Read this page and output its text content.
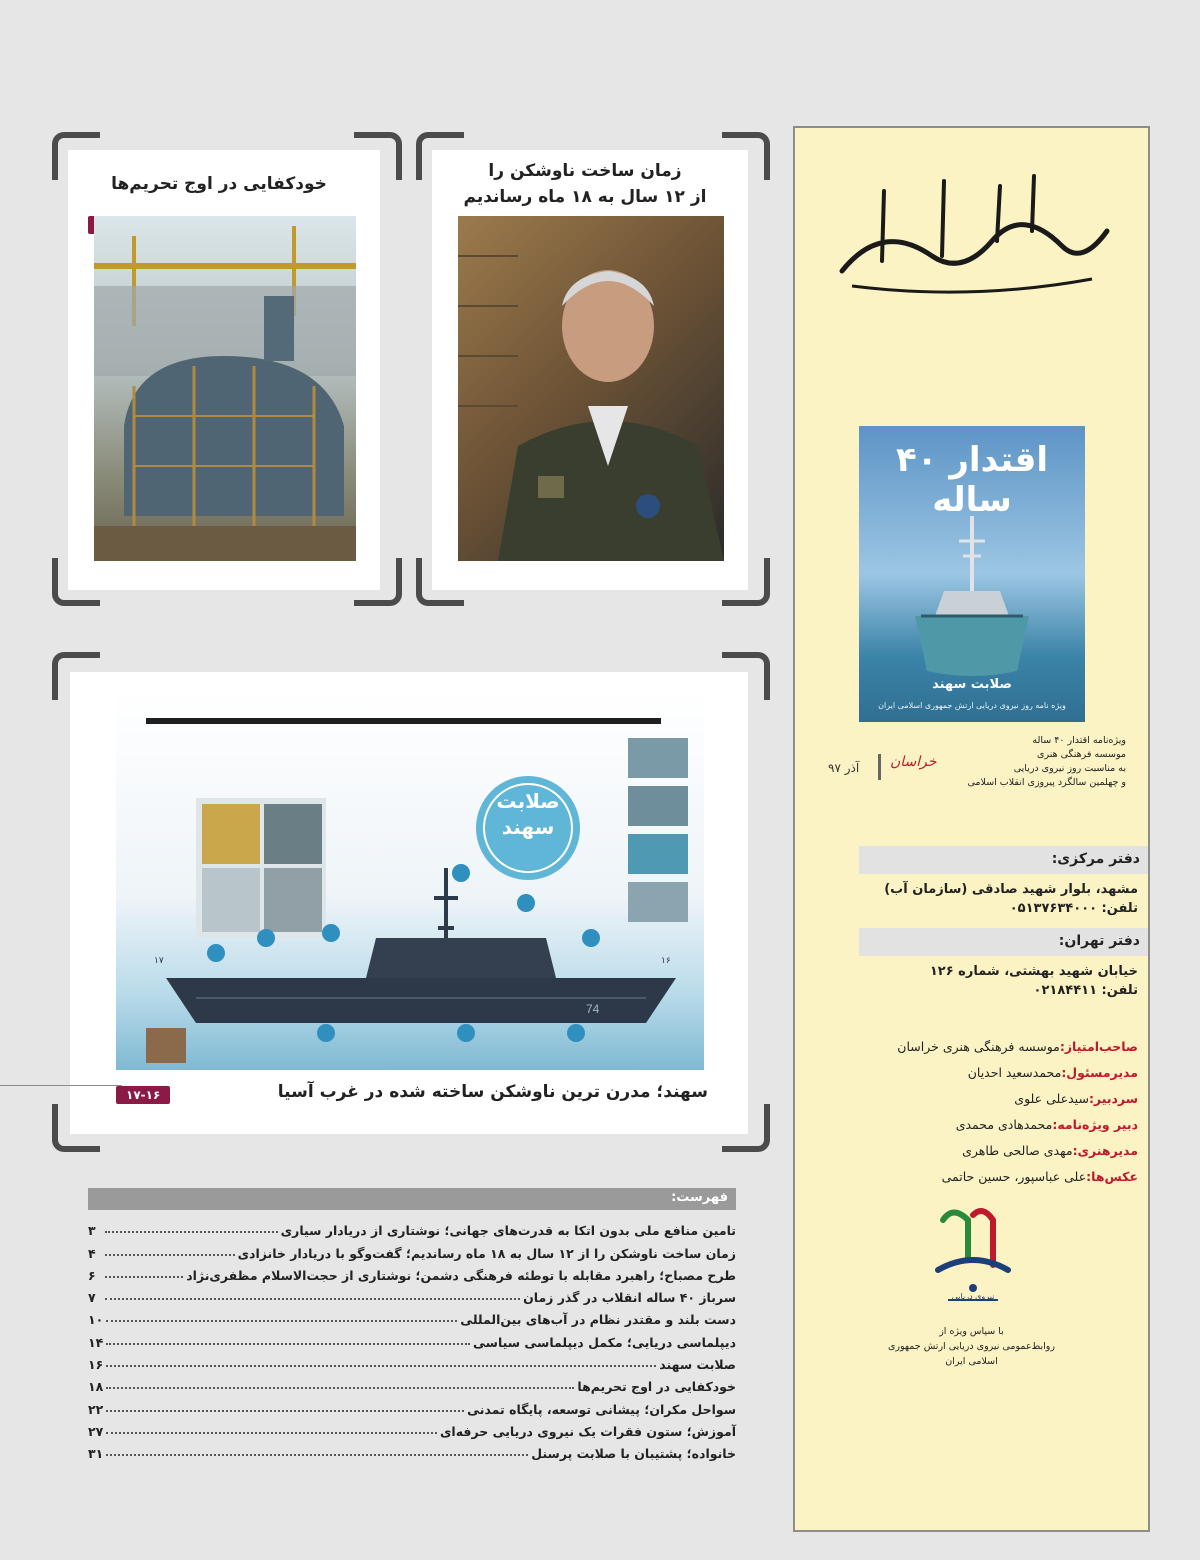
بسم الله الرحمن الرحیم
اقتدار ۴۰ ساله
صلابت سهند
ویژه نامه روز نیروی دریایی ارتش جمهوری اسلامی ایران
ویژه‌نامه اقتدار ۴۰ ساله
موسسه فرهنگی هنری
به مناسبت روز نیروی دریایی
و چهلمین سالگرد پیروزی انقلاب اسلامی
خراسان
آذر ۹۷
دفتر مرکزی:
مشهد، بلوار شهید صادقی (سازمان آب)
تلفن: ۰۵۱۳۷۶۳۴۰۰۰
دفتر تهران:
خیابان شهید بهشتی، شماره ۱۲۶
تلفن: ۰۲۱۸۴۴۱۱
صاحب‌امتیاز:موسسه فرهنگی هنری خراسان
مدیرمسئول:محمدسعید احدیان
سردبیر:سیدعلی علوی
دبیر ویژه‌نامه:محمدهادی محمدی
مدیرهنری:مهدی صالحی طاهری
عکس‌ها:علی عباسپور، حسین حاتمی
نیروی دریایی
با سپاس ویژه از
روابط‌عمومی نیروی دریایی ارتش جمهوری
اسلامی ایران
زمان ساخت ناوشکن را
از ۱۲ سال به ۱۸ ماه رساندیم
خودکفایی در اوج تحریم‌ها
74
۱۷	۱۶
صلابت
سهند
سهند؛ مدرن ترین ناوشکن ساخته شده در غرب آسیا
۱۷-۱۶
فهرست:
تامین منافع ملی بدون اتکا به قدرت‌های جهانی؛ نوشتاری از دریادار سیاری
۳
زمان ساخت ناوشکن را از ۱۲ سال به ۱۸ ماه رساندیم؛ گفت‌وگو با دریادار خانزادی
۴
طرح مصباح؛ راهبرد مقابله با توطئه فرهنگی دشمن؛ نوشتاری از حجت‌الاسلام مظفری‌نژاد
۶
سرباز ۴۰ ساله انقلاب در گذر زمان
۷
دست بلند و مقتدر نظام در آب‌های بین‌المللی
۱۰
دیپلماسی دریایی؛ مکمل دیپلماسی سیاسی
۱۴
صلابت سهند
۱۶
خودکفایی در اوج تحریم‌ها
۱۸
سواحل مکران؛ پیشانی توسعه، پایگاه تمدنی
۲۲
آموزش؛ ستون فقرات یک نیروی دریایی حرفه‌ای
۲۷
خانواده؛ پشتیبان با صلابت پرسنل
۳۱
